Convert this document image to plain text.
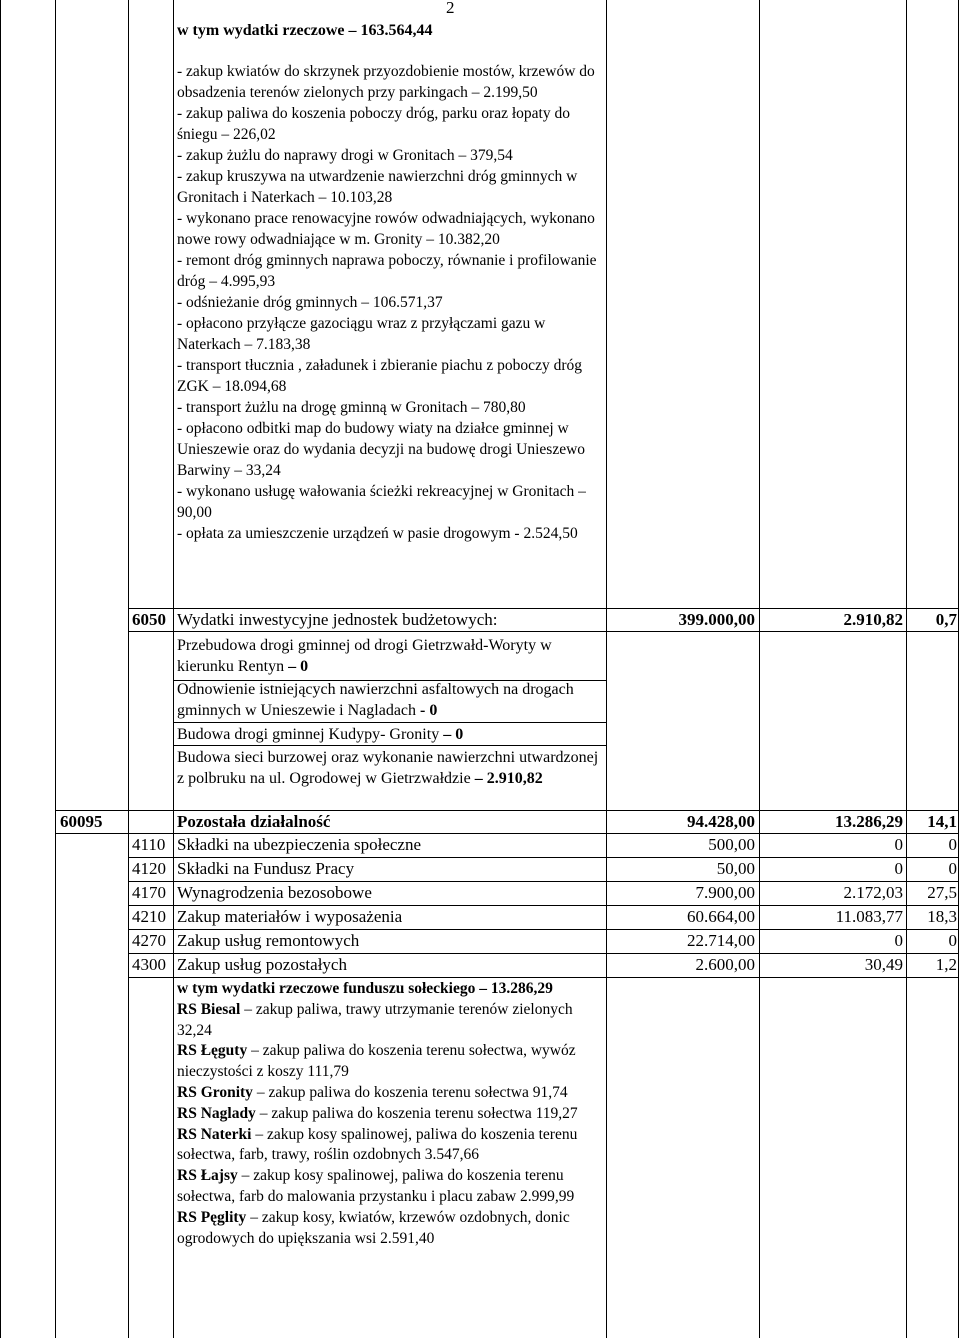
2

w tym wydatki rzeczowe – 163.564,44

- zakup kwiatów do skrzynek przyozdobienie mostów, krzewów do obsadzenia terenów zielonych przy parkingach – 2.199,50

- zakup paliwa do koszenia poboczy dróg, parku oraz łopaty do śniegu – 226,02

- zakup żużlu do naprawy drogi w Gronitach – 379,54

- zakup kruszywa na utwardzenie nawierzchni dróg gminnych w Gronitach i Naterkach – 10.103,28

- wykonano prace renowacyjne rowów odwadniających, wykonano nowe rowy odwadniające w m. Gronity – 10.382,20

- remont dróg gminnych naprawa poboczy, równanie i profilowanie dróg – 4.995,93

- odśnieżanie dróg gminnych – 106.571,37

- opłacono przyłącze gazociągu wraz z przyłączami gazu w Naterkach – 7.183,38

- transport tłucznia , załadunek i zbieranie piachu z poboczy dróg ZGK – 18.094,68

- transport żużlu na drogę gminną w Gronitach – 780,80

- opłacono odbitki map do budowy wiaty na działce gminnej w Unieszewie oraz do wydania decyzji na budowę drogi Unieszewo Barwiny – 33,24

- wykonano usługę wałowania ścieżki rekreacyjnej w Gronitach – 90,00

- opłata za umieszczenie urządzeń w pasie drogowym - 2.524,50

6050 Wydatki inwestycyjne jednostek budżetowych:	399.000,00	2.910,82 0,7

Przebudowa drogi gminnej od drogi Gietrzwałd-Woryty w kierunku Rentyn – 0

Odnowienie istniejących nawierzchni asfaltowych na drogach gminnych w Unieszewie i Nagladach - 0

Budowa drogi gminnej Kudypy- Gronity – 0

Budowa sieci burzowej oraz wykonanie nawierzchni utwardzonej z polbruku na ul. Ogrodowej w Gietrzwałdzie – 2.910,82

60095	Pozostała działalność	94.428,00	13.286,29 14,1
4110 Składki na ubezpieczenia społeczne	500,00	0	0
4120 Składki na Fundusz Pracy	50,00	0	0
4170 Wynagrodzenia bezosobowe	7.900,00	2.172,03 27,5
4210 Zakup materiałów i wyposażenia	60.664,00	11.083,77 18,3
4270 Zakup usług remontowych	22.714,00	0	0
4300 Zakup usług pozostałych	2.600,00	30,49 1,2

w tym wydatki rzeczowe funduszu sołeckiego – 13.286,29

RS Biesal – zakup paliwa, trawy utrzymanie terenów zielonych 32,24

RS Łęguty – zakup paliwa do koszenia terenu sołectwa, wywóz nieczystości z koszy 111,79

RS Gronity – zakup paliwa do koszenia terenu sołectwa 91,74

RS Naglady – zakup paliwa do koszenia terenu sołectwa 119,27

RS Naterki – zakup kosy spalinowej, paliwa do koszenia terenu sołectwa, farb, trawy, roślin ozdobnych 3.547,66

RS Łajsy – zakup kosy spalinowej, paliwa do koszenia terenu sołectwa, farb do malowania przystanku i placu zabaw 2.999,99

RS Pęglity – zakup kosy, kwiatów, krzewów ozdobnych, donic ogrodowych do upiększania wsi 2.591,40
